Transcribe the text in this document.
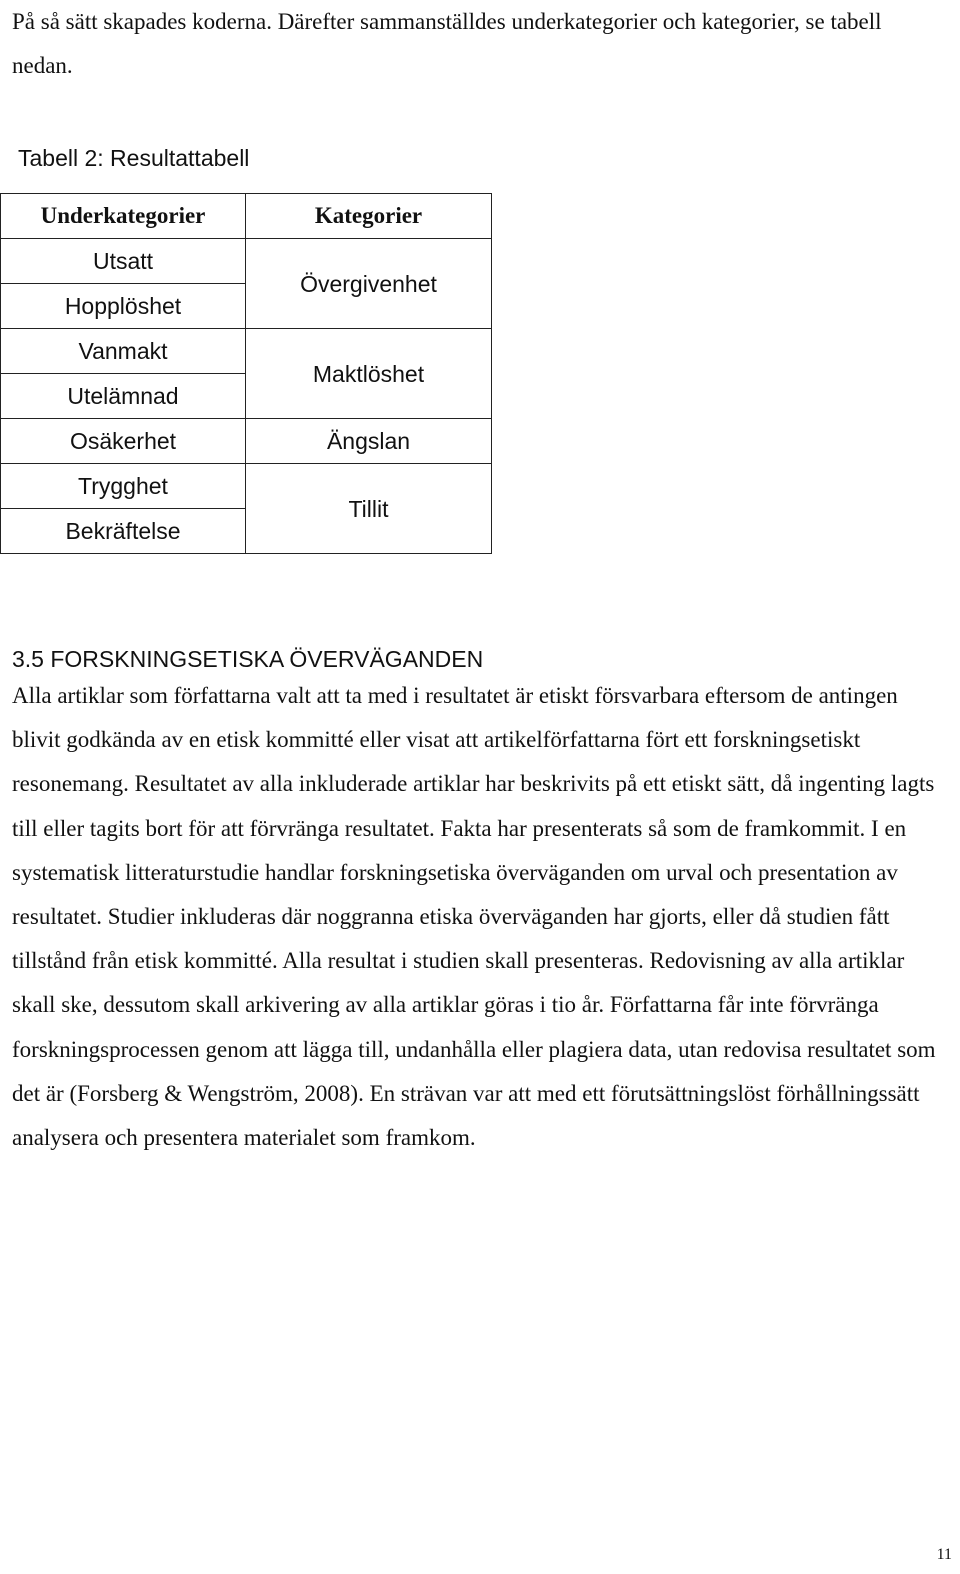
På så sätt skapades koderna. Därefter sammanställdes underkategorier och kategorier, se tabell nedan.

Tabell 2: Resultattabell

Underkategorier	Kategorier
Utsatt	Övergivenhet
Hopplöshet	
Vanmakt	Maktlöshet
Utelämnad	
Osäkerhet	Ängslan
Trygghet	Tillit
Bekräftelse	
3.5 FORSKNINGSETISKA ÖVERVÄGANDEN

Alla artiklar som författarna valt att ta med i resultatet är etiskt försvarbara eftersom de antingen blivit godkända av en etisk kommitté eller visat att artikelförfattarna fört ett forskningsetiskt resonemang. Resultatet av alla inkluderade artiklar har beskrivits på ett etiskt sätt, då ingenting lagts till eller tagits bort för att förvränga resultatet. Fakta har presenterats så som de framkommit. I en systematisk litteraturstudie handlar forskningsetiska överväganden om urval och presentation av resultatet. Studier inkluderas där noggranna etiska överväganden har gjorts, eller då studien fått tillstånd från etisk kommitté. Alla resultat i studien skall presenteras. Redovisning av alla artiklar skall ske, dessutom skall arkivering av alla artiklar göras i tio år. Författarna får inte förvränga forskningsprocessen genom att lägga till, undanhålla eller plagiera data, utan redovisa resultatet som det är (Forsberg & Wengström, 2008). En strävan var att med ett förutsättningslöst förhållningssätt analysera och presentera materialet som framkom.

11
